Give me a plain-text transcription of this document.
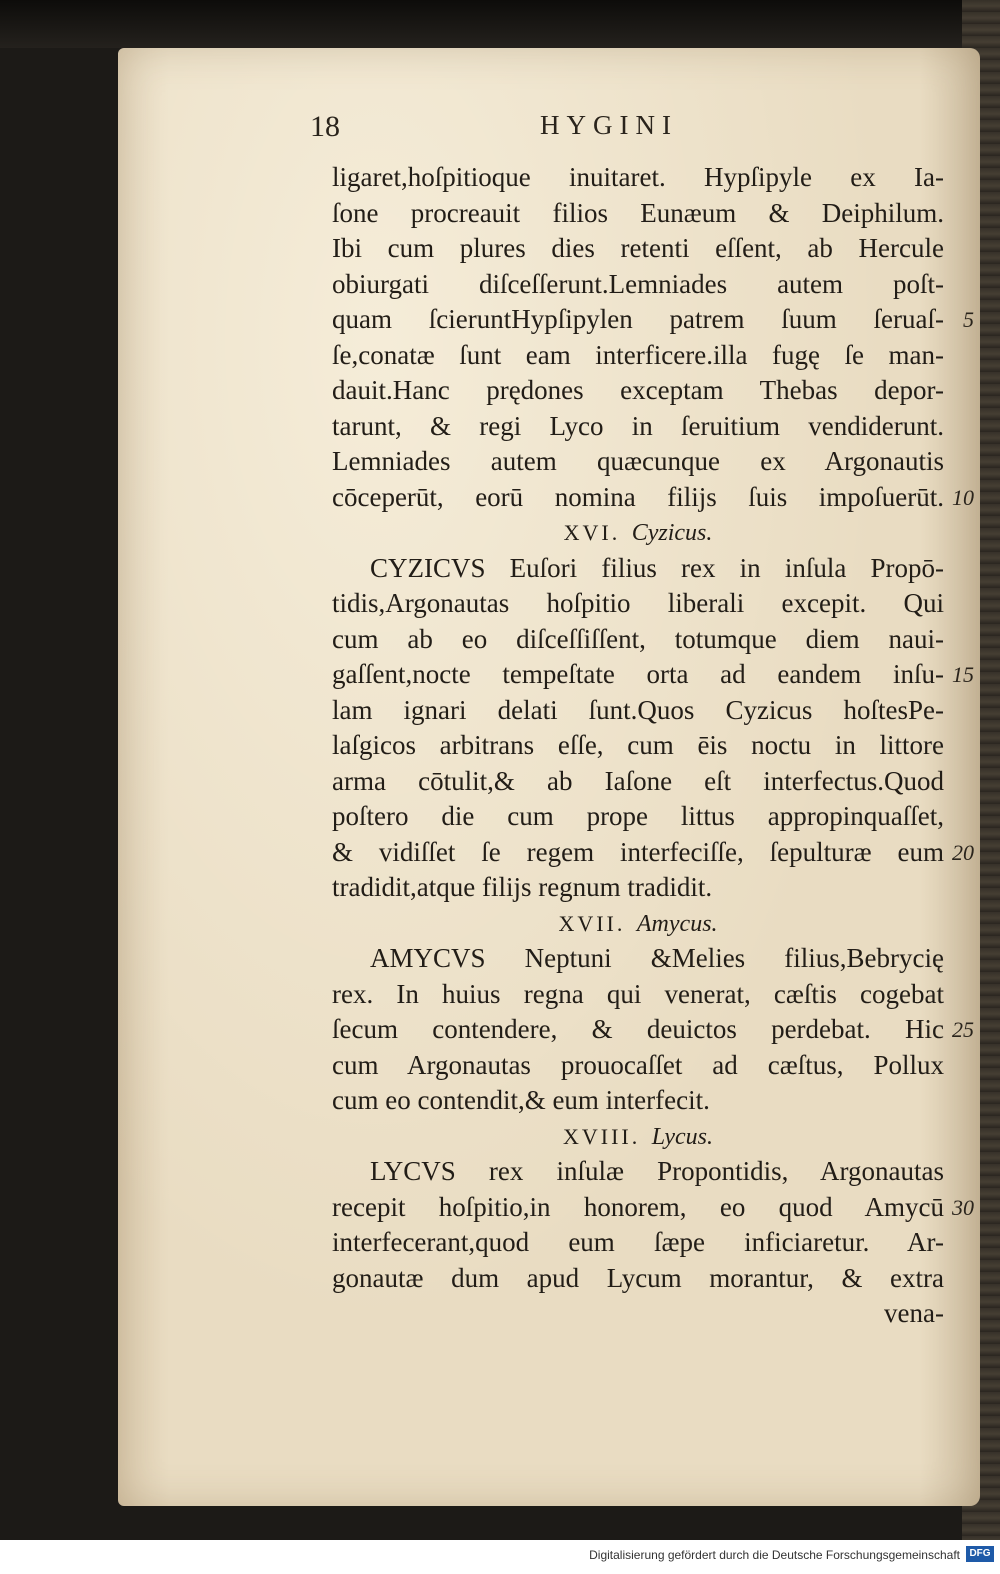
18	HYGINI
ligaret,hoſpitioque inuitaret. Hypſipyle ex Ia-
ſone procreauit filios Eunæum & Deiphilum.
Ibi cum plures dies retenti eſſent, ab Hercule
obiurgati diſceſſerunt.Lemniades autem poſt-
quam ſcieruntHypſipylen patrem ſuum ſeruaſ- 5
ſe,conatæ ſunt eam interficere.illa fugę ſe man-
dauit.Hanc prędones exceptam Thebas depor-
tarunt, & regi Lyco in ſeruitium vendiderunt.
Lemniades autem quæcunque ex Argonautis
cōceperūt, eorū nomina filijs ſuis impoſuerūt. 10
XVI. Cyzicus.
CYZICVS Euſori filius rex in inſula Propō-
tidis,Argonautas hoſpitio liberali excepit. Qui
cum ab eo diſceſſiſſent, totumque diem naui-
gaſſent,nocte tempeſtate orta ad eandem inſu- 15
lam ignari delati ſunt.Quos Cyzicus hoſtesPe-
laſgicos arbitrans eſſe, cum ēis noctu in littore
arma cōtulit,& ab Iaſone eſt interfectus.Quod
poſtero die cum prope littus appropinquaſſet,
& vidiſſet ſe regem interfeciſſe, ſepulturæ eum 20
tradidit,atque filijs regnum tradidit.
XVII. Amycus.
AMYCVS Neptuni &Melies filius,Bebrycię
rex. In huius regna qui venerat, cæſtis cogebat
ſecum contendere, & deuictos perdebat. Hic 25
cum Argonautas prouocaſſet ad cæſtus, Pollux
cum eo contendit,& eum interfecit.
XVIII. Lycus.
LYCVS rex inſulæ Propontidis, Argonautas
recepit hoſpitio,in honorem, eo quod Amycū 30
interfecerant,quod eum ſæpe inficiaretur. Ar-
gonautæ dum apud Lycum morantur, & extra
vena-
Digitalisierung gefördert durch die Deutsche Forschungsgemeinschaft DFG
